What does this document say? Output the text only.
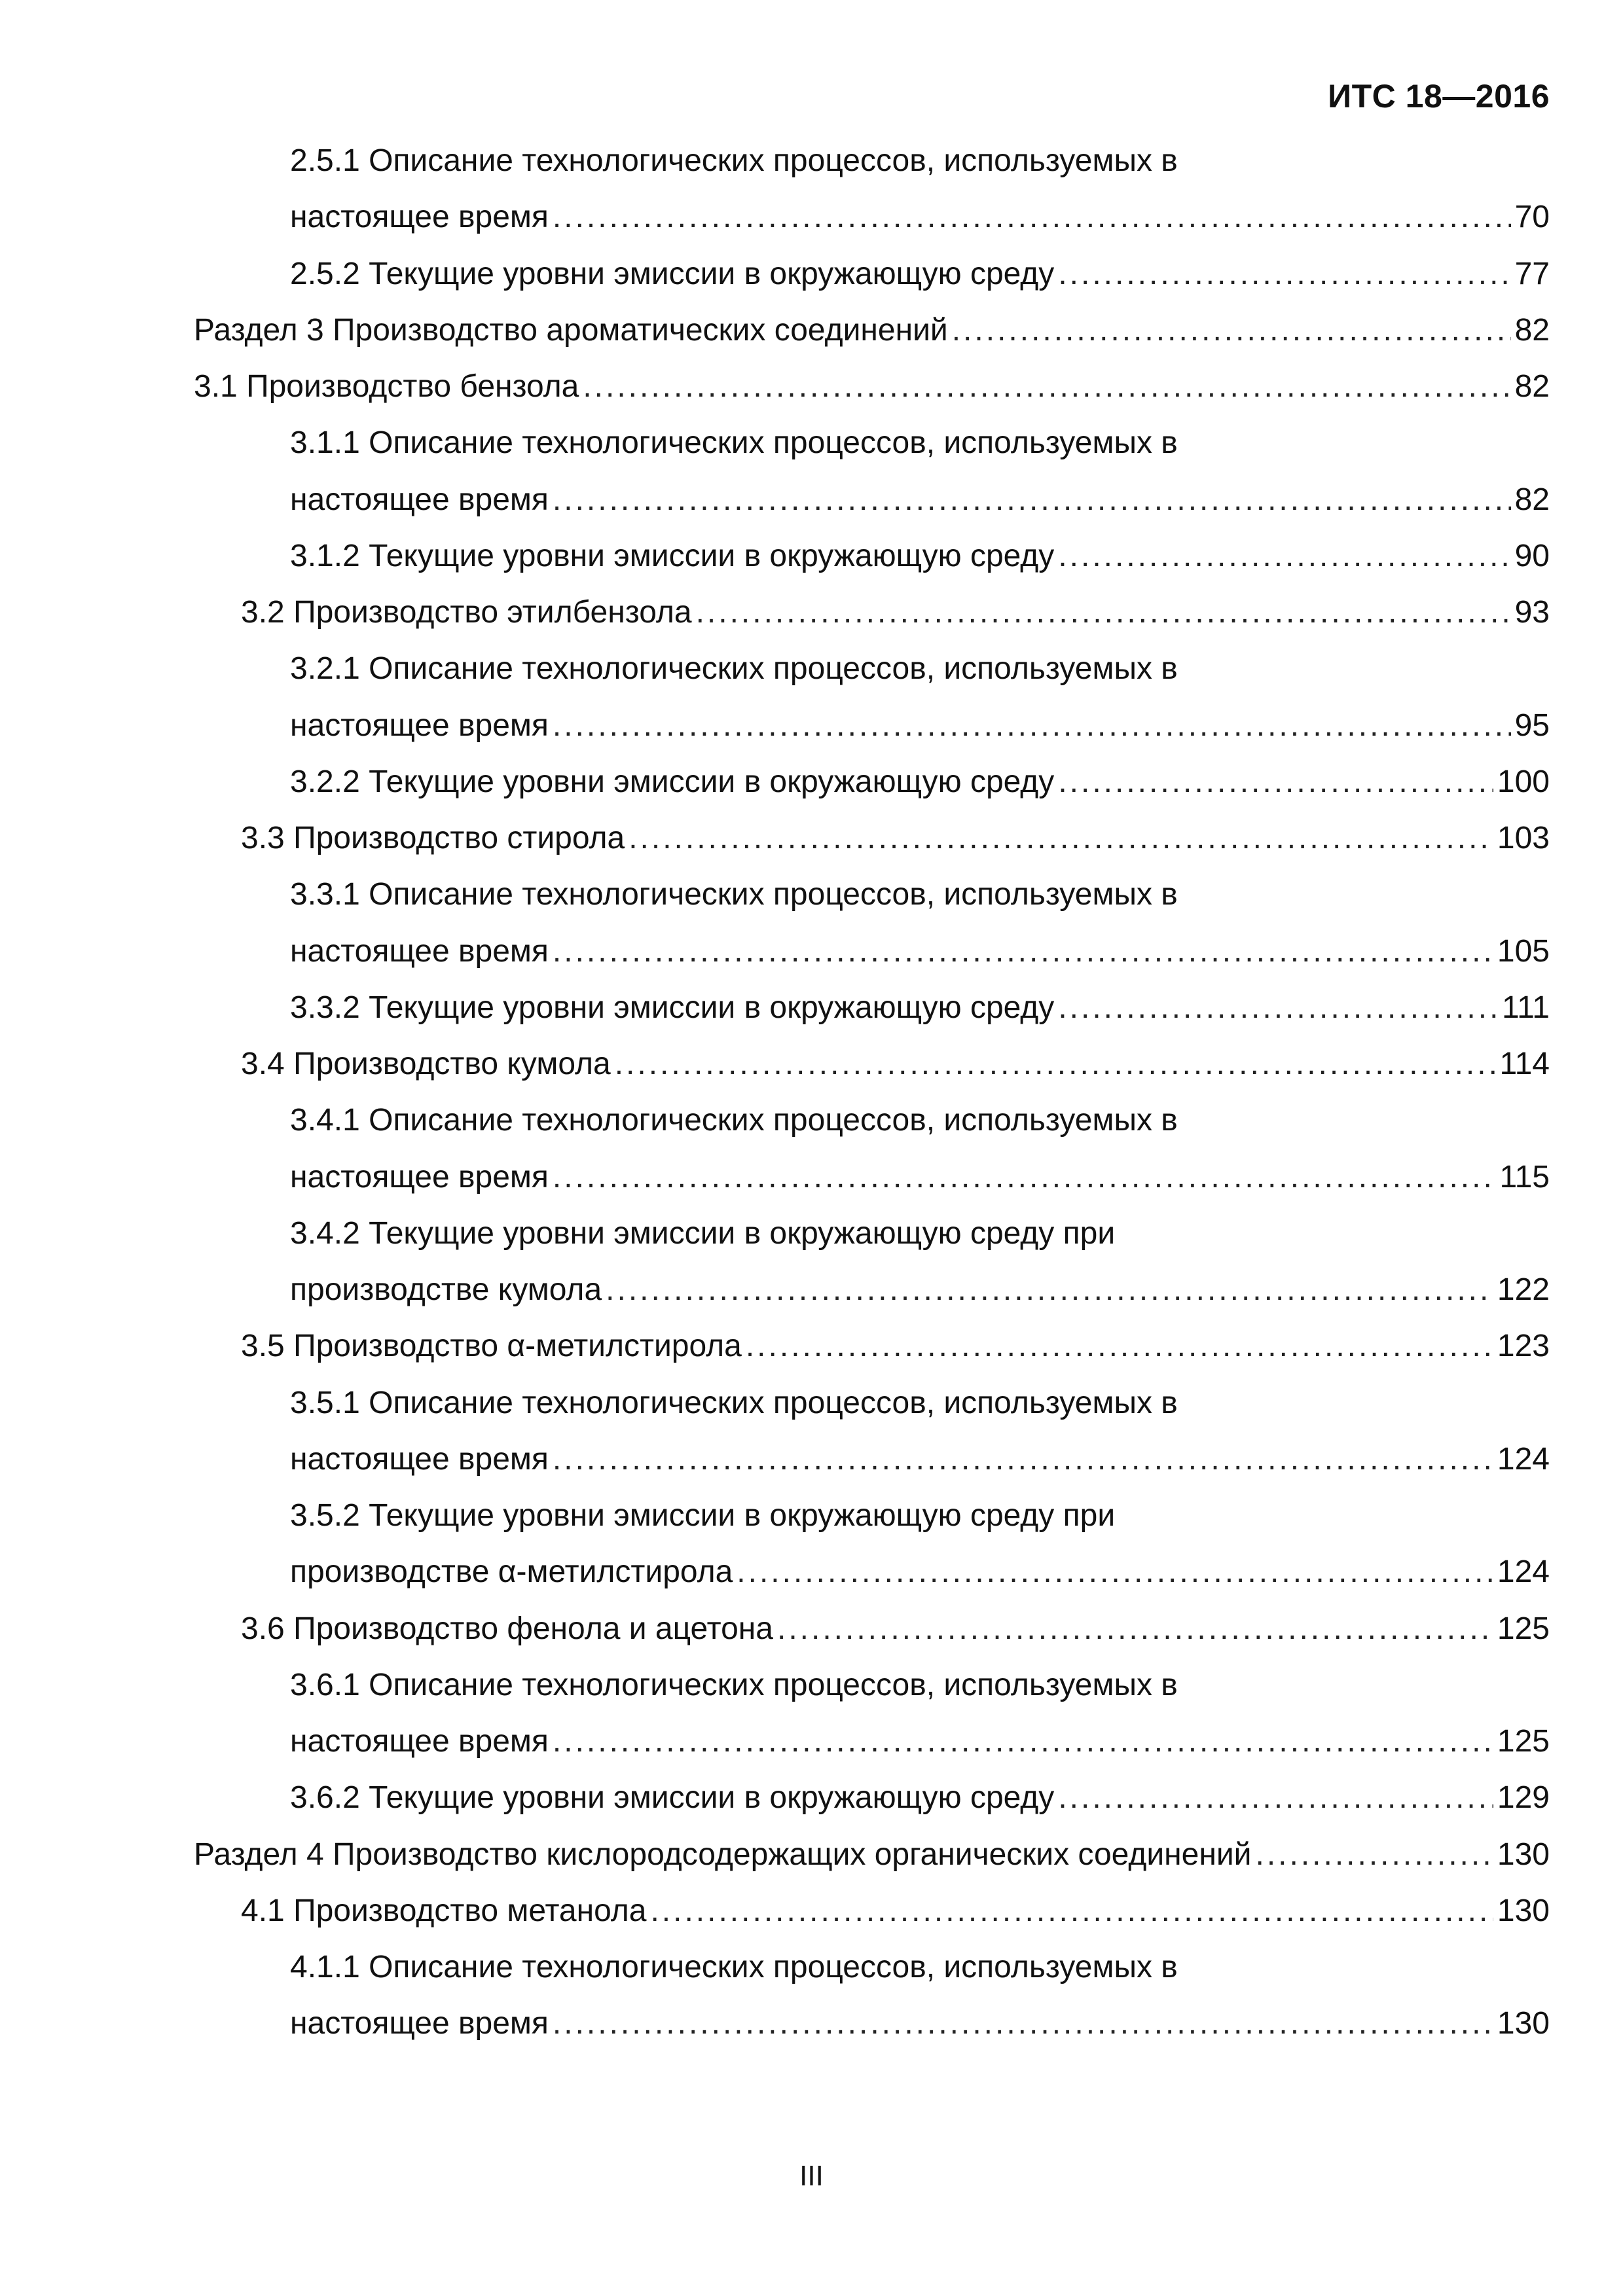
ИТС 18—2016
2.5.1 Описание технологических процессов, используемых в
настоящее время .....	70
2.5.2 Текущие уровни эмиссии в окружающую среду .....	77
Раздел 3 Производство ароматических соединений .....	82
3.1 Производство бензола .....	82
3.1.1 Описание технологических процессов, используемых в
настоящее время .....	82
3.1.2 Текущие уровни эмиссии в окружающую среду .....	90
3.2 Производство этилбензола .....	93
3.2.1 Описание технологических процессов, используемых в
настоящее время .....	95
3.2.2 Текущие уровни эмиссии в окружающую среду .....	100
3.3 Производство стирола .....	103
3.3.1 Описание технологических процессов, используемых в
настоящее время .....	105
3.3.2 Текущие уровни эмиссии в окружающую среду .....	111
3.4 Производство кумола .....	114
3.4.1 Описание технологических процессов, используемых в
настоящее время .....	115
3.4.2 Текущие уровни эмиссии в окружающую среду при
производстве кумола .....	122
3.5 Производство α-метилстирола .....	123
3.5.1 Описание технологических процессов, используемых в
настоящее время .....	124
3.5.2 Текущие уровни эмиссии в окружающую среду при
производстве α-метилстирола .....	124
3.6 Производство фенола и ацетона .....	125
3.6.1 Описание технологических процессов, используемых в
настоящее время .....	125
3.6.2 Текущие уровни эмиссии в окружающую среду .....	129
Раздел 4 Производство кислородсодержащих органических соединений .....	130
4.1 Производство метанола .....	130
4.1.1 Описание технологических процессов, используемых в
настоящее время .....	130
III
